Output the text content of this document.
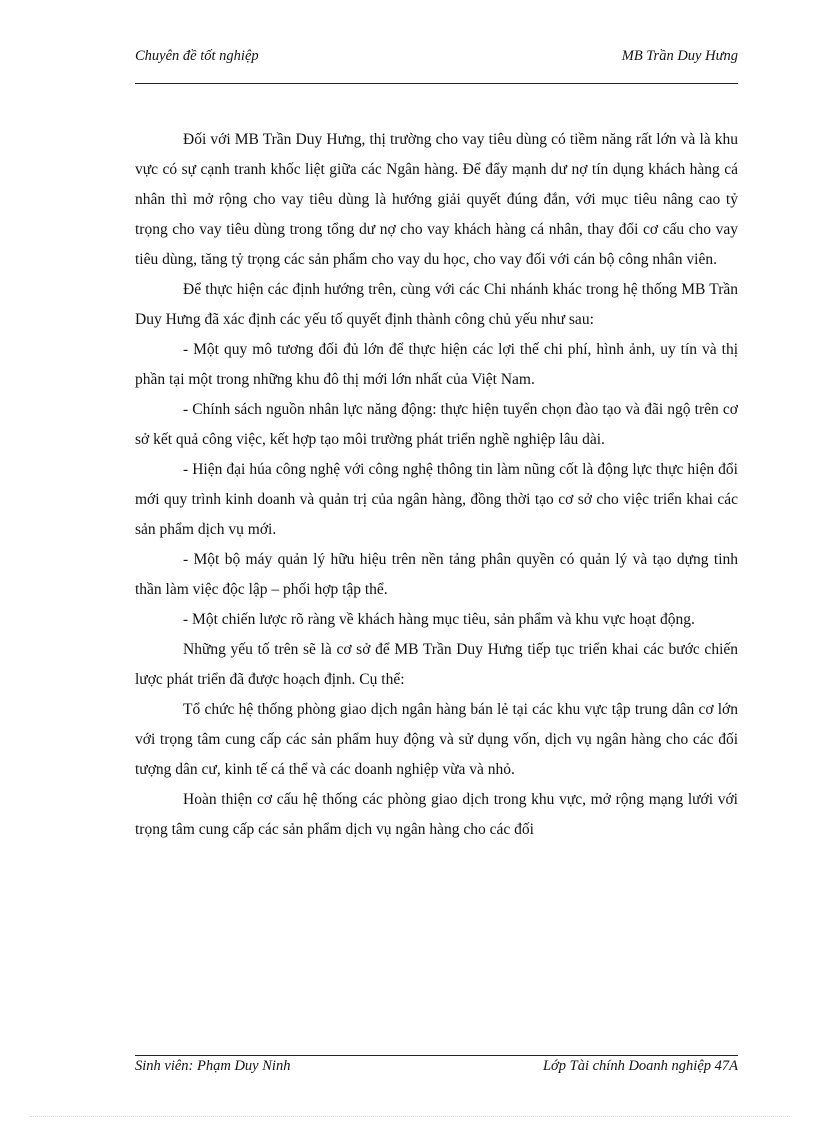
Chuyên đề tốt nghiệp	MB Trần Duy Hưng

Đối với MB Trần Duy Hưng, thị trường cho vay tiêu dùng có tiềm năng rất lớn và là khu vực có sự cạnh tranh khốc liệt giữa các Ngân hàng. Để đẩy mạnh dư nợ tín dụng khách hàng cá nhân thì mở rộng cho vay tiêu dùng là hướng giải quyết đúng đắn, với mục tiêu nâng cao tỷ trọng cho vay tiêu dùng trong tổng dư nợ cho vay khách hàng cá nhân, thay đổi cơ cấu cho vay tiêu dùng, tăng tỷ trọng các sản phẩm cho vay du học, cho vay đối với cán bộ công nhân viên.

Để thực hiện các định hướng trên, cùng với các Chi nhánh khác trong hệ thống MB Trần Duy Hưng đã xác định các yếu tố quyết định thành công chủ yếu như sau:

- Một quy mô tương đối đủ lớn để thực hiện các lợi thế chi phí, hình ảnh, uy tín và thị phần tại một trong những khu đô thị mới lớn nhất của Việt Nam.

- Chính sách nguồn nhân lực năng động: thực hiện tuyển chọn đào tạo và đãi ngộ trên cơ sở kết quả công việc, kết hợp tạo môi trường phát triển nghề nghiệp lâu dài.

- Hiện đại húa công nghệ với công nghệ thông tin làm nũng cốt là động lực thực hiện đổi mới quy trình kinh doanh và quản trị của ngân hàng, đồng thời tạo cơ sở cho việc triển khai các sản phẩm dịch vụ mới.

- Một bộ máy quản lý hữu hiệu trên nền tảng phân quyền có quản lý và tạo dựng tinh thần làm việc độc lập – phối hợp tập thể.

- Một chiến lược rõ ràng về khách hàng mục tiêu, sản phẩm và khu vực hoạt động.

Những yếu tố trên sẽ là cơ sở để MB Trần Duy Hưng tiếp tục triển khai các bước chiến lược phát triển đã được hoạch định. Cụ thể:

Tổ chức hệ thống phòng giao dịch ngân hàng bán lẻ tại các khu vực tập trung dân cơ lớn với trọng tâm cung cấp các sản phẩm huy động và sử dụng vốn, dịch vụ ngân hàng cho các đối tượng dân cư, kinh tế cá thể và các doanh nghiệp vừa và nhỏ.

Hoàn thiện cơ cấu hệ thống các phòng giao dịch trong khu vực, mở rộng mạng lưới với trọng tâm cung cấp các sản phẩm dịch vụ ngân hàng cho các đối

Sinh viên: Phạm Duy Ninh	Lớp Tài chính Doanh nghiệp 47A
